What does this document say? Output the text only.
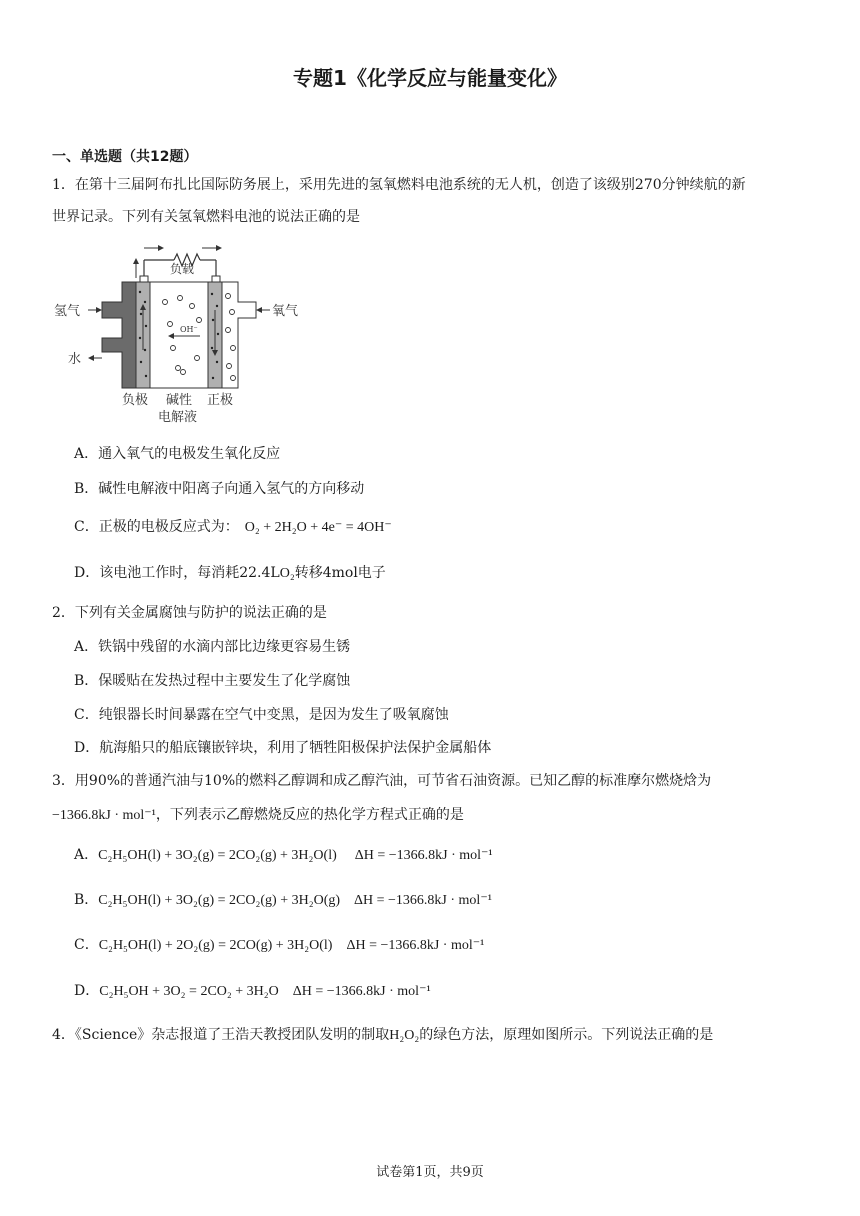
专题1《化学反应与能量变化》
一、单选题（共12题）
1．在第十三届阿布扎比国际防务展上，采用先进的氢氧燃料电池系统的无人机，创造了该级别270分钟续航的新
世界记录。下列有关氢氧燃料电池的说法正确的是
负载
OH⁻
氢气
水
氧气
负极 碱性
电解液
正极
A．通入氧气的电极发生氧化反应
B．碱性电解液中阳离子向通入氢气的方向移动
C．正极的电极反应式为： O₂ + 2H₂O + 4e⁻ = 4OH⁻
D．该电池工作时，每消耗22.4LO₂转移4mol电子
2．下列有关金属腐蚀与防护的说法正确的是
A．铁锅中残留的水滴内部比边缘更容易生锈
B．保暖贴在发热过程中主要发生了化学腐蚀
C．纯银器长时间暴露在空气中变黑，是因为发生了吸氧腐蚀
D．航海船只的船底镶嵌锌块，利用了牺牲阳极保护法保护金属船体
3．用90%的普通汽油与10%的燃料乙醇调和成乙醇汽油，可节省石油资源。已知乙醇的标准摩尔燃烧焓为
−1366.8kJ · mol⁻¹，下列表示乙醇燃烧反应的热化学方程式正确的是
A．C₂H₅OH(l) + 3O₂(g) = 2CO₂(g) + 3H₂O(l) ΔH = −1366.8kJ · mol⁻¹
B．C₂H₅OH(l) + 3O₂(g) = 2CO₂(g) + 3H₂O(g) ΔH = −1366.8kJ · mol⁻¹
C．C₂H₅OH(l) + 2O₂(g) = 2CO(g) + 3H₂O(l) ΔH = −1366.8kJ · mol⁻¹
D．C₂H₅OH + 3O₂ = 2CO₂ + 3H₂O ΔH = −1366.8kJ · mol⁻¹
4．《Science》杂志报道了王浩天教授团队发明的制取H₂O₂的绿色方法，原理如图所示。下列说法正确的是
试卷第1页，共9页
